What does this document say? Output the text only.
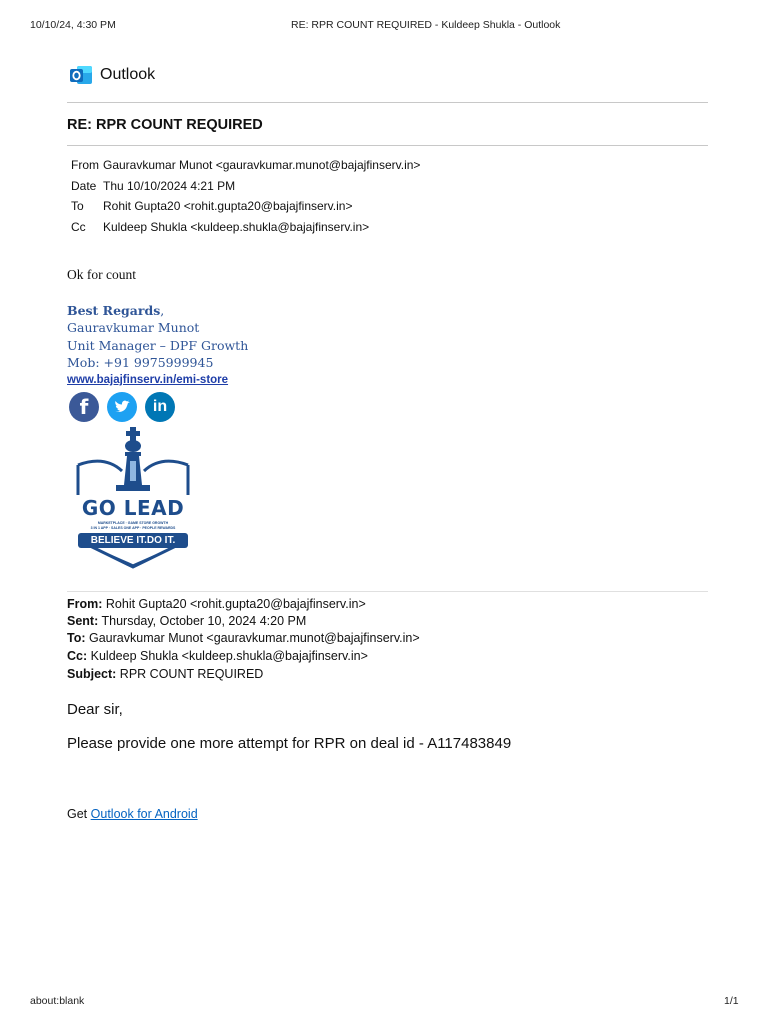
10/10/24, 4:30 PM	RE: RPR COUNT REQUIRED - Kuldeep Shukla - Outlook
Outlook
RE: RPR COUNT REQUIRED
From Gauravkumar Munot <gauravkumar.munot@bajajfinserv.in>
Date Thu 10/10/2024 4:21 PM
To Rohit Gupta20 <rohit.gupta20@bajajfinserv.in>
Cc Kuldeep Shukla <kuldeep.shukla@bajajfinserv.in>
Ok for count
Best Regards,
Gauravkumar Munot
Unit Manager – DPF Growth
Mob: +91 9975999945
www.bajajfinserv.in/emi-store
f	in
GO LEAD
MARKETPLACE · GAME STORE GROWTH
3 IN 1 APP · SALES ONE APP · PEOPLE REWARDS
BELIEVE IT.DO IT.
From: Rohit Gupta20 <rohit.gupta20@bajajfinserv.in>
Sent: Thursday, October 10, 2024 4:20 PM
To: Gauravkumar Munot <gauravkumar.munot@bajajfinserv.in>
Cc: Kuldeep Shukla <kuldeep.shukla@bajajfinserv.in>
Subject: RPR COUNT REQUIRED
Dear sir,
Please provide one more attempt for RPR on deal id - A117483849
Get Outlook for Android
about:blank	1/1
